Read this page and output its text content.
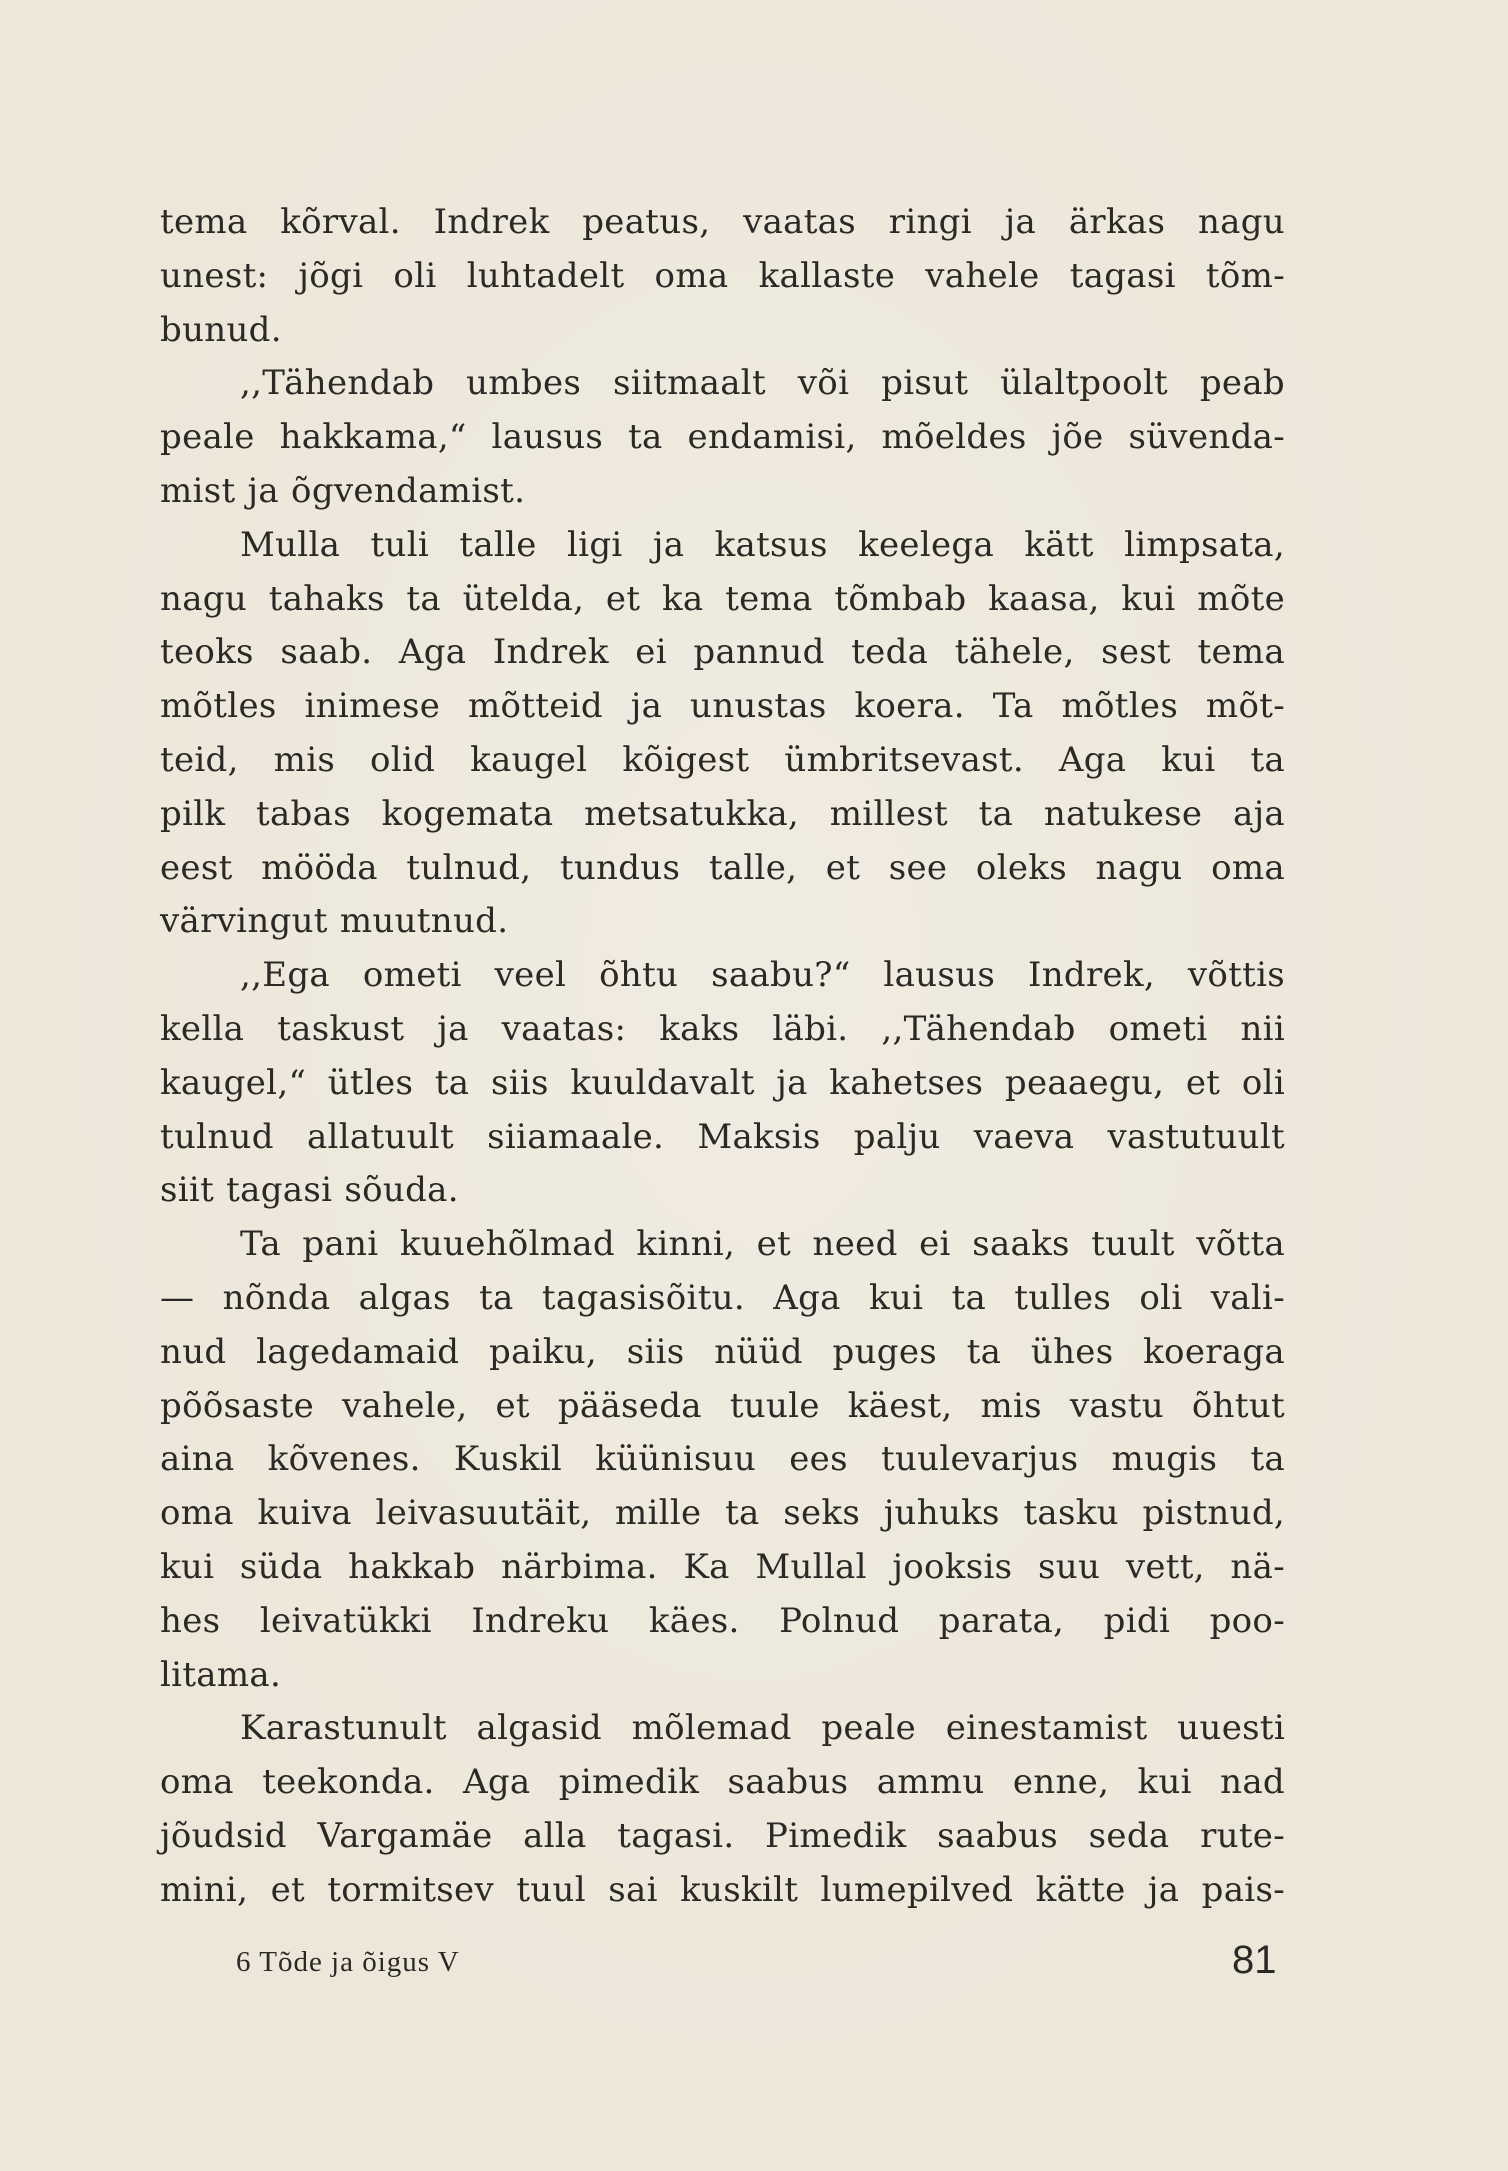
tema kõrval. Indrek peatus, vaatas ringi ja ärkas nagu
unest: jõgi oli luhtadelt oma kallaste vahele tagasi tõm-
bunud.
,,Tähendab umbes siitmaalt või pisut ülaltpoolt peab
peale hakkama,“ lausus ta endamisi, mõeldes jõe süvenda-
mist ja õgvendamist.
Mulla tuli talle ligi ja katsus keelega kätt limpsata,
nagu tahaks ta ütelda, et ka tema tõmbab kaasa, kui mõte
teoks saab. Aga Indrek ei pannud teda tähele, sest tema
mõtles inimese mõtteid ja unustas koera. Ta mõtles mõt-
teid, mis olid kaugel kõigest ümbritsevast. Aga kui ta
pilk tabas kogemata metsatukka, millest ta natukese aja
eest mööda tulnud, tundus talle, et see oleks nagu oma
värvingut muutnud.
,,Ega ometi veel õhtu saabu?“ lausus Indrek, võttis
kella taskust ja vaatas: kaks läbi. ,,Tähendab ometi nii
kaugel,“ ütles ta siis kuuldavalt ja kahetses peaaegu, et oli
tulnud allatuult siiamaale. Maksis palju vaeva vastutuult
siit tagasi sõuda.
Ta pani kuuehõlmad kinni, et need ei saaks tuult võtta
— nõnda algas ta tagasisõitu. Aga kui ta tulles oli vali-
nud lagedamaid paiku, siis nüüd puges ta ühes koeraga
põõsaste vahele, et pääseda tuule käest, mis vastu õhtut
aina kõvenes. Kuskil küünisuu ees tuulevarjus mugis ta
oma kuiva leivasuutäit, mille ta seks juhuks tasku pistnud,
kui süda hakkab närbima. Ka Mullal jooksis suu vett, nä-
hes leivatükki Indreku käes. Polnud parata, pidi poo-
litama.
Karastunult algasid mõlemad peale einestamist uuesti
oma teekonda. Aga pimedik saabus ammu enne, kui nad
jõudsid Vargamäe alla tagasi. Pimedik saabus seda rute-
mini, et tormitsev tuul sai kuskilt lumepilved kätte ja pais-
6 Tõde ja õigus V	81
